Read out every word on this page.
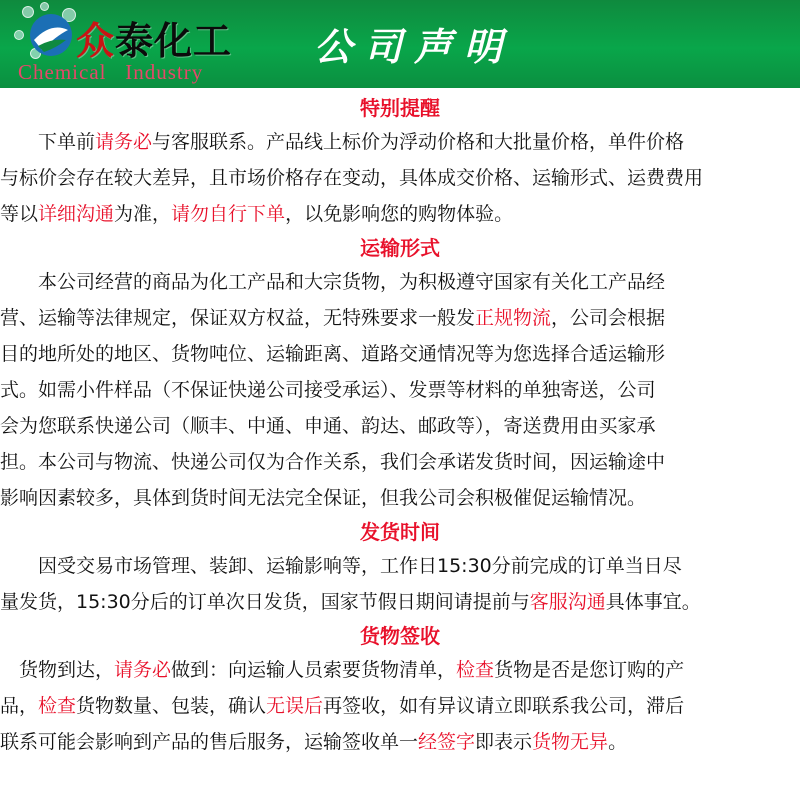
众泰化工
Chemical   Industry
公司声明
特别提醒

　　下单前请务必与客服联系。产品线上标价为浮动价格和大批量价格，单件价格

与标价会存在较大差异，且市场价格存在变动，具体成交价格、运输形式、运费费用

等以详细沟通为准，请勿自行下单，以免影响您的购物体验。

运输形式

　　本公司经营的商品为化工产品和大宗货物，为积极遵守国家有关化工产品经

营、运输等法律规定，保证双方权益，无特殊要求一般发正规物流，公司会根据

目的地所处的地区、货物吨位、运输距离、道路交通情况等为您选择合适运输形

式。如需小件样品（不保证快递公司接受承运）、发票等材料的单独寄送，公司

会为您联系快递公司（顺丰、中通、申通、韵达、邮政等），寄送费用由买家承

担。本公司与物流、快递公司仅为合作关系，我们会承诺发货时间，因运输途中

影响因素较多，具体到货时间无法完全保证，但我公司会积极催促运输情况。

发货时间

　　因受交易市场管理、装卸、运输影响等，工作日15:30分前完成的订单当日尽

量发货，15:30分后的订单次日发货，国家节假日期间请提前与客服沟通具体事宜。

货物签收

　货物到达，请务必做到：向运输人员索要货物清单，检查货物是否是您订购的产

品，检查货物数量、包装，确认无误后再签收，如有异议请立即联系我公司，滞后

联系可能会影响到产品的售后服务，运输签收单一经签字即表示货物无异。
